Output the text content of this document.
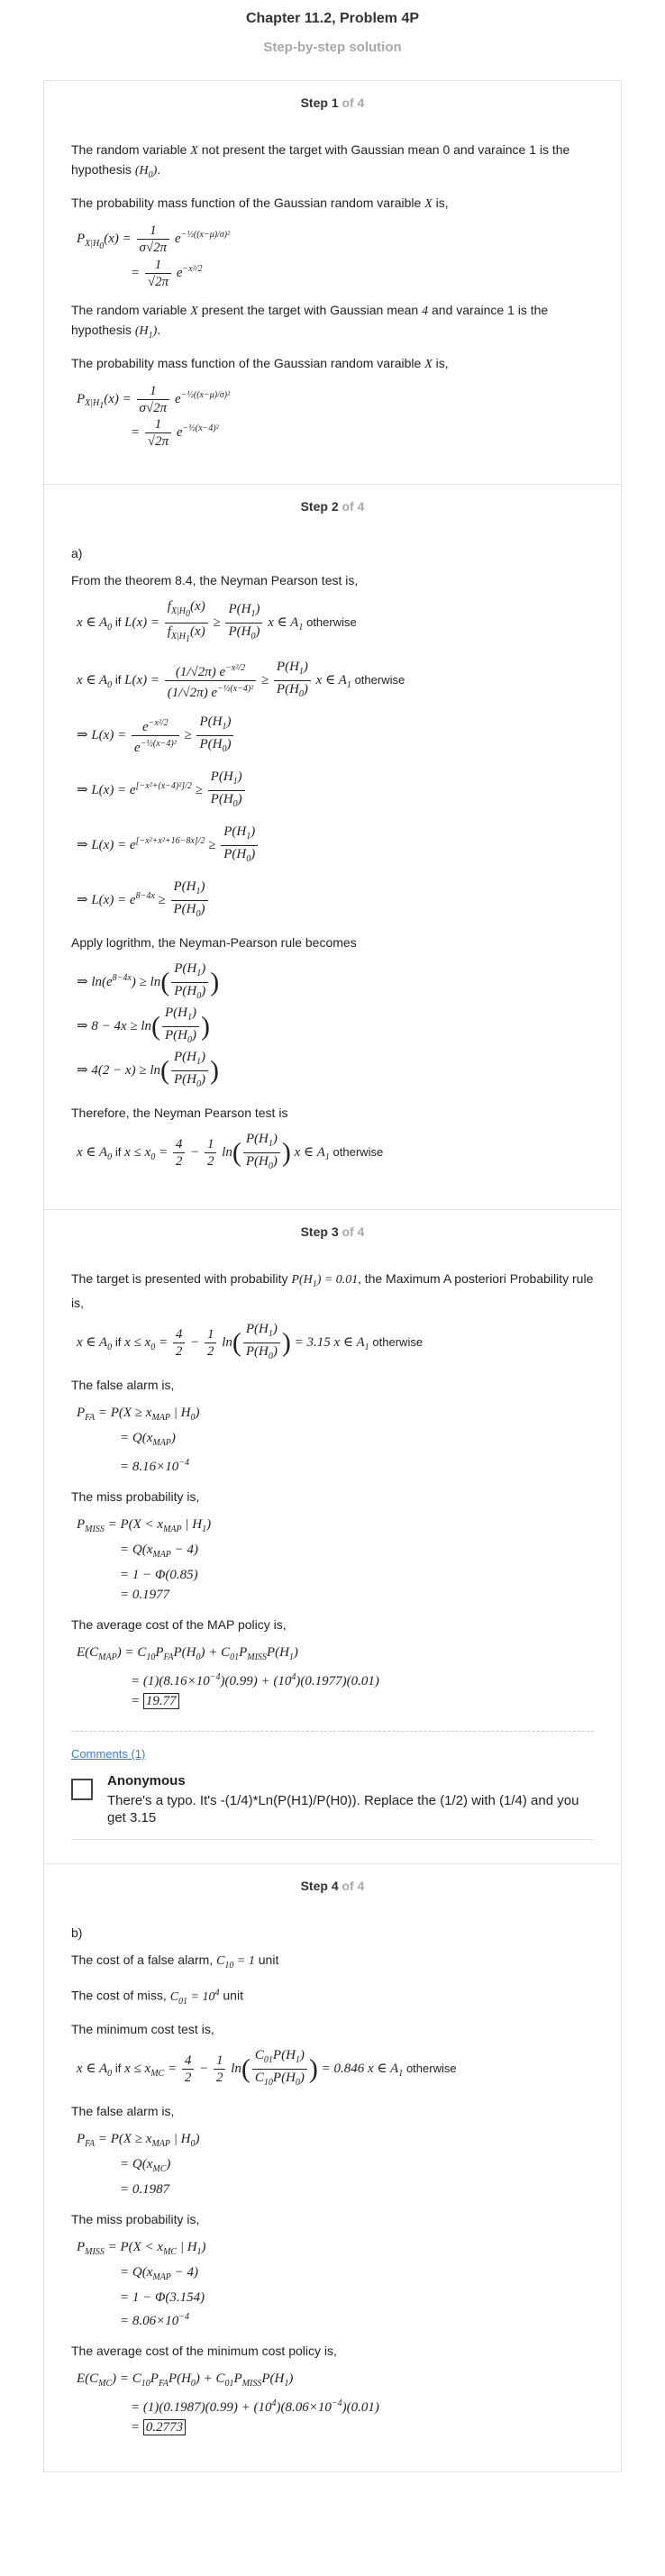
Chapter 11.2, Problem 4P
Step-by-step solution
Step 1 of 4

The random variable X not present the target with Gaussian mean 0 and varaince 1 is the hypothesis $(H_0)$.

The probability mass function of the Gaussian random varaible X is,

$P_{X|H_0}(x) = \frac{1}{\sigma√2\pi} e^{-\frac{1}{2}((x-\mu)/\sigma)^2}$
= $\frac{1}{√2\pi} e^{-x^2/2}$

The random variable X present the target with Gaussian mean 4 and varaince 1 is the hypothesis $(H_1)$.

The probability mass function of the Gaussian random varaible X is,

$P_{X|H_1}(x) = \frac{1}{\sigma√2\pi} e^{-\frac{1}{2}((x-\mu)/\sigma)^2}$
= $\frac{1}{√2\pi} e^{-\frac{1}{2}(x-4)^2}$
Step 2 of 4

a)

From the theorem 8.4, the Neyman Pearson test is,

x ∈ $A_0$ if $L(x) = \frac{f_{X|H_0}(x)}{f_{X|H_1}(x)} \ge \frac{P(H_1)}{P(H_0)}$ x ∈ $A_1$ otherwise
x ∈ $A_0$ if $L(x) = \frac{(1/√2\pi) e^{-x^2/2}}{(1/√2\pi) e^{-\frac{1}{2}(x-4)^2}} \ge \frac{P(H_1)}{P(H_0)}$ x ∈ $A_1$ otherwise
⇒ $L(x) = \frac{e^{-x^2/2}}{e^{-\frac{1}{2}(x-4)^2}} \ge \frac{P(H_1)}{P(H_0)}$
⇒ $L(x) = e^{[-x^2+(x-4)^2]/2} \ge \frac{P(H_1)}{P(H_0)}$
⇒ $L(x) = e^{[-x^2+x^2+16-8x]/2} \ge \frac{P(H_1)}{P(H_0)}$
⇒ $L(x) = e^{8-4x} \ge \frac{P(H_1)}{P(H_0)}$

Apply logrithm, the Neyman-Pearson rule becomes

⇒ $\ln(e^{8-4x}) \ge \ln( \frac{P(H_1)}{P(H_0)}$ )
⇒ $8 - 4x \ge \ln( \frac{P(H_1)}{P(H_0)}$ )
⇒ $4(2 - x) \ge \ln( \frac{P(H_1)}{P(H_0)}$ )

Therefore, the Neyman Pearson test is

x ∈ $A_0$ if $x \le x_0 = \frac{4}{2} - \frac{1}{2} \ln( \frac{P(H_1)}{P(H_0)}$ ) x ∈ $A_1$ otherwise
Step 3 of 4

The target is presented with probability $P(H_1) = 0.01$, the Maximum A posteriori Probability rule is,

x ∈ $A_0$ if $x \le x_0 = \frac{4}{2} - \frac{1}{2} \ln( \frac{P(H_1)}{P(H_0)}$ ) = 3.15 x ∈ $A_1$ otherwise

The false alarm is,

$P_{FA} = P(X \ge x_{MAP}$ | $H_0$)
= $Q(x_{MAP})$
= $8.16\times 10^{-4}$

The miss probability is,

$P_{MISS} = P(X < x_{MAP}$ | $H_1$)
= $Q(x_{MAP} - 4)$
= 1 − Φ(0.85)
= 0.1977

The average cost of the MAP policy is,

$E(C_{MAP}) = C_{10}P_{FA}P(H_0) + C_{01}P_{MISS}P(H_1)$
= $(1)(8.16\times 10^{-4})(0.99) + (10^4)(0.1977)(0.01)$
= 19.77
Comments (1)
Anonymous
There's a typo. It's -(1/4)*Ln(P(H1)/P(H0)). Replace the (1/2) with (1/4) and you get 3.15
Step 4 of 4

b)

The cost of a false alarm, $C_{10} = 1$ unit

The cost of miss, $C_{01} = 10^4$ unit

The minimum cost test is,

x ∈ $A_0$ if $x \le x_{MC} = \frac{4}{2} - \frac{1}{2} \ln( \frac{C_{01}P(H_1)}{C_{10}P(H_0)}$ ) = 0.846 x ∈ $A_1$ otherwise

The false alarm is,

$P_{FA} = P(X \ge x_{MAP}$ | $H_0$)
= $Q(x_{MC})$
= 0.1987

The miss probability is,

$P_{MISS} = P(X < x_{MC}$ | $H_1$)
= $Q(x_{MAP} - 4)$
= 1 − Φ(3.154)
= $8.06\times 10^{-4}$

The average cost of the minimum cost policy is,

$E(C_{MC}) = C_{10}P_{FA}P(H_0) + C_{01}P_{MISS}P(H_1)$
= $(1)(0.1987)(0.99) + (10^4)(8.06\times 10^{-4})(0.01)$
= 0.2773
